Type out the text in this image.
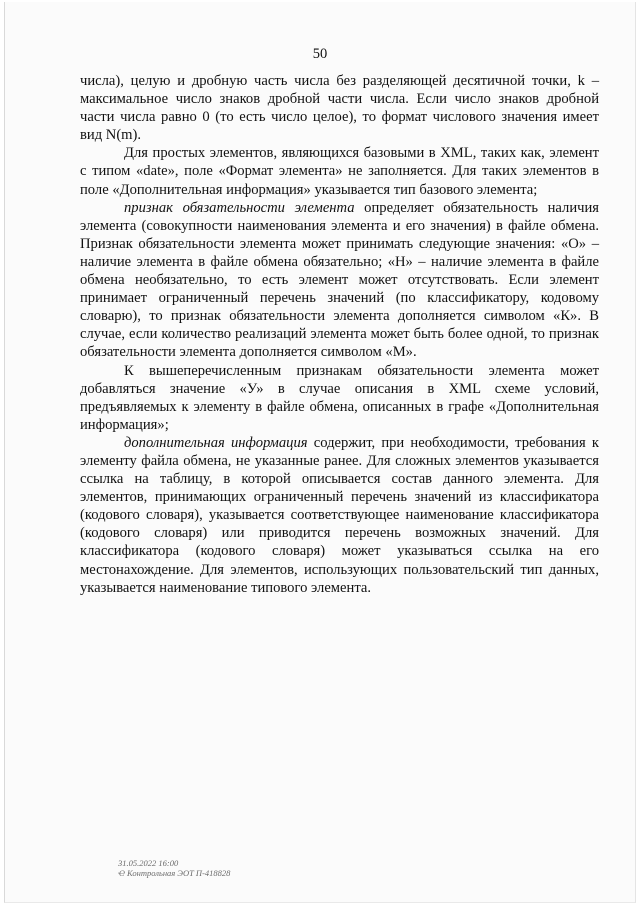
50

числа), целую и дробную часть числа без разделяющей десятичной точки, k – максимальное число знаков дробной части числа. Если число знаков дробной части числа равно 0 (то есть число целое), то формат числового значения имеет вид N(m).

Для простых элементов, являющихся базовыми в XML, таких как, элемент с типом «date», поле «Формат элемента» не заполняется. Для таких элементов в поле «Дополнительная информация» указывается тип базового элемента;

признак обязательности элемента определяет обязательность наличия элемента (совокупности наименования элемента и его значения) в файле обмена. Признак обязательности элемента может принимать следующие значения: «О» – наличие элемента в файле обмена обязательно; «Н» – наличие элемента в файле обмена необязательно, то есть элемент может отсутствовать. Если элемент принимает ограниченный перечень значений (по классификатору, кодовому словарю), то признак обязательности элемента дополняется символом «К». В случае, если количество реализаций элемента может быть более одной, то признак обязательности элемента дополняется символом «М».

К вышеперечисленным признакам обязательности элемента может добавляться значение «У» в случае описания в XML схеме условий, предъявляемых к элементу в файле обмена, описанных в графе «Дополнительная информация»;

дополнительная информация содержит, при необходимости, требования к элементу файла обмена, не указанные ранее. Для сложных элементов указывается ссылка на таблицу, в которой описывается состав данного элемента. Для элементов, принимающих ограниченный перечень значений из классификатора (кодового словаря), указывается соответствующее наименование классификатора (кодового словаря) или приводится перечень возможных значений. Для классификатора (кодового словаря) может указываться ссылка на его местонахождение. Для элементов, использующих пользовательский тип данных, указывается наименование типового элемента.

31.05.2022 16:00
Ҽ Контрольная ЭОТ П-418828
